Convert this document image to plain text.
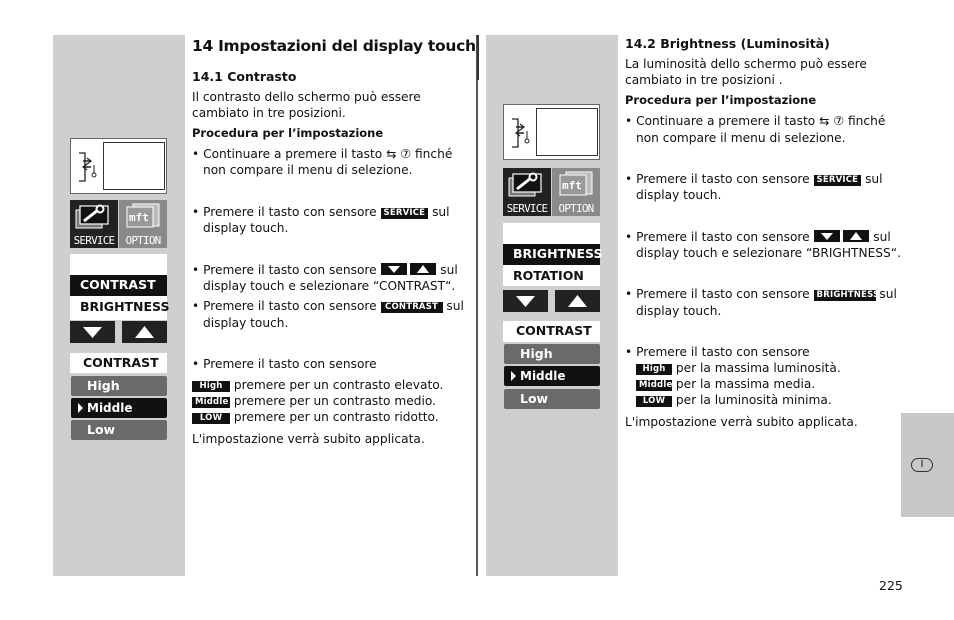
SERVICE
mft
OPTION
CONTRAST
BRIGHTNESS
CONTRAST
High
Middle
Low
14 Impostazioni del display touch
14.1 Contrasto
Il contrasto dello schermo può essere
cambiato in tre posizioni.
Procedura per l’impostazione
• Continuare a premere il tasto ⇆ ⑦ finché
non compare il menu di selezione.
• Premere il tasto con sensore SERVICE sul
display touch.
• Premere il tasto con sensore
	sul
display touch e selezionare “CONTRAST“.
• Premere il tasto con sensore CONTRAST sul
display touch.
• Premere il tasto con sensore
High premere per un contrasto elevato.
Middle premere per un contrasto medio.
LOW premere per un contrasto ridotto.
L'impostazione verrà subito applicata.
SERVICE
mft
OPTION
BRIGHTNESS
ROTATION
CONTRAST
High
Middle
Low
14.2 Brightness (Luminosità)
La luminosità dello schermo può essere
cambiato in tre posizioni .
Procedura per l’impostazione
• Continuare a premere il tasto ⇆ ⑦ finché
non compare il menu di selezione.
• Premere il tasto con sensore SERVICE sul
display touch.
• Premere il tasto con sensore
	sul
display touch e selezionare “BRIGHTNESS“.
• Premere il tasto con sensore BRIGHTNESS sul
display touch.
• Premere il tasto con sensore
High per la massima luminosità.
Middle per la massima media.
LOW per la luminosità minima.
L'impostazione verrà subito applicata.
I
225
